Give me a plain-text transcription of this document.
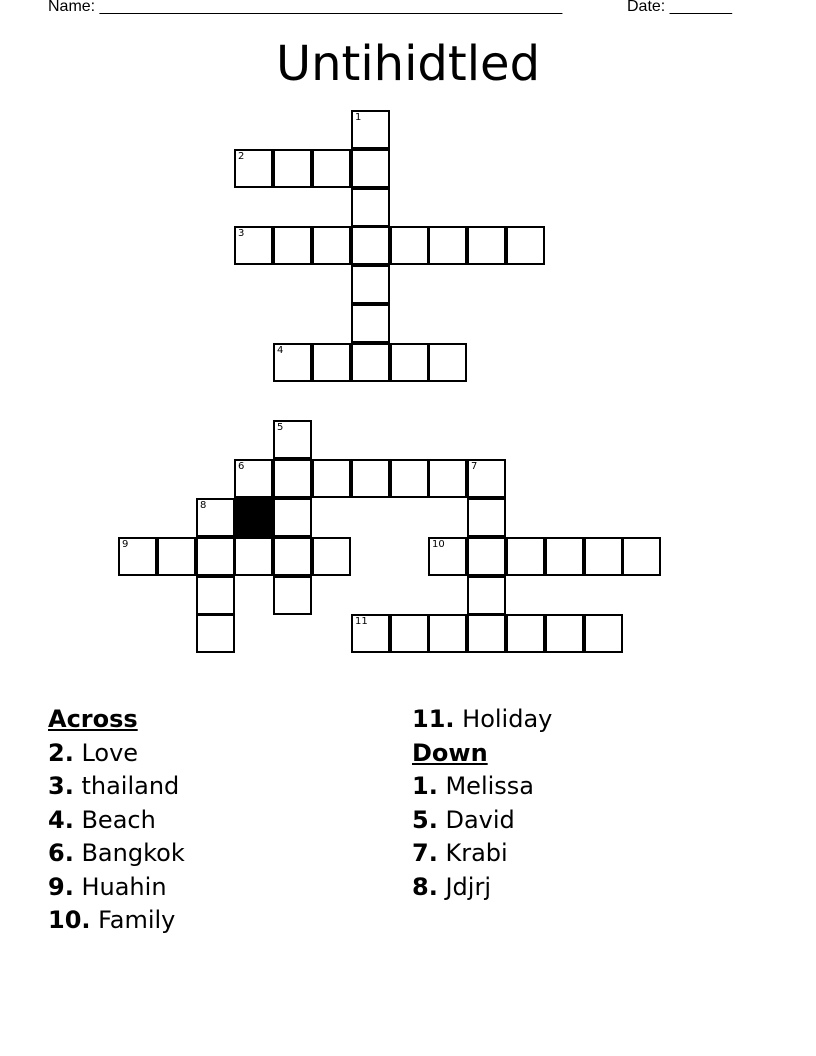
Name: ____________________________________________________	Date: _______
Untihidtled
1
2
3
4
5
6	7
8
9	10
11
Across
2. Love
3. thailand
4. Beach
6. Bangkok
9. Huahin
10. Family
11. Holiday
Down
1. Melissa
5. David
7. Krabi
8. Jdjrj
